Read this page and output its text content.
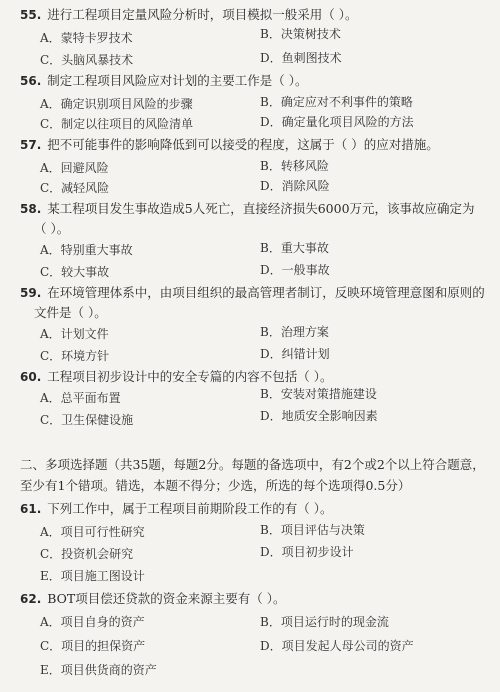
55. 进行工程项目定量风险分析时，项目模拟一般采用（ ）。
A．蒙特卡罗技术	B．决策树技术
C．头脑风暴技术	D．鱼刺图技术
56. 制定工程项目风险应对计划的主要工作是（ ）。
A．确定识别项目风险的步骤	B．确定应对不利事件的策略
C．制定以往项目的风险清单	D．确定量化项目风险的方法
57. 把不可能事件的影响降低到可以接受的程度，这属于（ ）的应对措施。
A．回避风险	B．转移风险
C．减轻风险	D．消除风险
58. 某工程项目发生事故造成5人死亡，直接经济损失6000万元，该事故应确定为
（ ）。
A．特别重大事故	B．重大事故
C．较大事故	D．一般事故
59. 在环境管理体系中，由项目组织的最高管理者制订，反映环境管理意图和原则的
文件是（ ）。
A．计划文件	B．治理方案
C．环境方针	D．纠错计划
60. 工程项目初步设计中的安全专篇的内容不包括（ ）。
A．总平面布置	B．安装对策措施建设
C．卫生保健设施	D．地质安全影响因素
二、多项选择题（共35题，每题2分。每题的备选项中，有2个或2个以上符合题意，至少有1个错项。错选，本题不得分；少选，所选的每个选项得0.5分）
61. 下列工作中，属于工程项目前期阶段工作的有（ ）。
A．项目可行性研究	B．项目评估与决策
C．投资机会研究	D．项目初步设计
E．项目施工图设计
62. BOT项目偿还贷款的资金来源主要有（ ）。
A．项目自身的资产	B．项目运行时的现金流
C．项目的担保资产	D．项目发起人母公司的资产
E．项目供货商的资产
